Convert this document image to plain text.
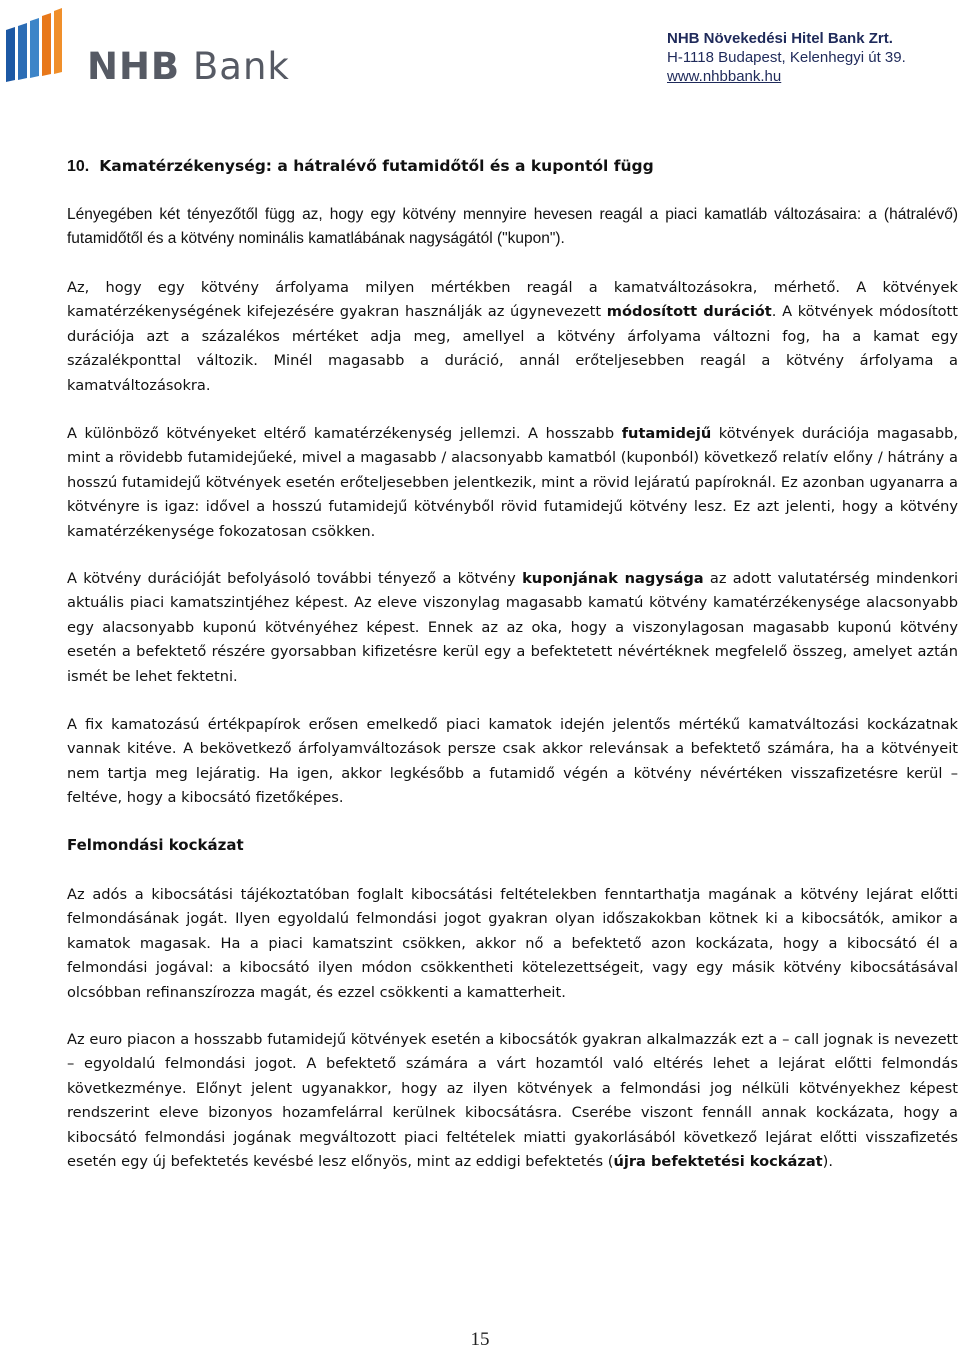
NHB Bank
NHB Növekedési Hitel Bank Zrt.
H-1118 Budapest, Kelenhegyi út 39.
www.nhbbank.hu
10. Kamatérzékenység: a hátralévő futamidőtől és a kupontól függ

Lényegében két tényezőtől függ az, hogy egy kötvény mennyire hevesen reagál a piaci kamatláb változásaira: a (hátralévő) futamidőtől és a kötvény nominális kamatlábának nagyságától ("kupon").

Az, hogy egy kötvény árfolyama milyen mértékben reagál a kamatváltozásokra, mérhető. A kötvények kamatérzékenységének kifejezésére gyakran használják az úgynevezett módosított durációt. A kötvények módosított durációja azt a százalékos mértéket adja meg, amellyel a kötvény árfolyama változni fog, ha a kamat egy százalékponttal változik. Minél magasabb a duráció, annál erőteljesebben reagál a kötvény árfolyama a kamatváltozásokra.

A különböző kötvényeket eltérő kamatérzékenység jellemzi. A hosszabb futamidejű kötvények durációja magasabb, mint a rövidebb futamidejűeké, mivel a magasabb / alacsonyabb kamatból (kuponból) következő relatív előny / hátrány a hosszú futamidejű kötvények esetén erőteljesebben jelentkezik, mint a rövid lejáratú papíroknál. Ez azonban ugyanarra a kötvényre is igaz: idővel a hosszú futamidejű kötvényből rövid futamidejű kötvény lesz. Ez azt jelenti, hogy a kötvény kamatérzékenysége fokozatosan csökken.

A kötvény durációját befolyásoló további tényező a kötvény kuponjának nagysága az adott valutatérség mindenkori aktuális piaci kamatszintjéhez képest. Az eleve viszonylag magasabb kamatú kötvény kamatérzékenysége alacsonyabb egy alacsonyabb kuponú kötvényéhez képest. Ennek az az oka, hogy a viszonylagosan magasabb kuponú kötvény esetén a befektető részére gyorsabban kifizetésre kerül egy a befektetett névértéknek megfelelő összeg, amelyet aztán ismét be lehet fektetni.

A fix kamatozású értékpapírok erősen emelkedő piaci kamatok idején jelentős mértékű kamatváltozási kockázatnak vannak kitéve. A bekövetkező árfolyamváltozások persze csak akkor relevánsak a befektető számára, ha a kötvényeit nem tartja meg lejáratig. Ha igen, akkor legkésőbb a futamidő végén a kötvény névértéken visszafizetésre kerül – feltéve, hogy a kibocsátó fizetőképes.

Felmondási kockázat

Az adós a kibocsátási tájékoztatóban foglalt kibocsátási feltételekben fenntarthatja magának a kötvény lejárat előtti felmondásának jogát. Ilyen egyoldalú felmondási jogot gyakran olyan időszakokban kötnek ki a kibocsátók, amikor a kamatok magasak. Ha a piaci kamatszint csökken, akkor nő a befektető azon kockázata, hogy a kibocsátó él a felmondási jogával: a kibocsátó ilyen módon csökkentheti kötelezettségeit, vagy egy másik kötvény kibocsátásával olcsóbban refinanszírozza magát, és ezzel csökkenti a kamatterheit.

Az euro piacon a hosszabb futamidejű kötvények esetén a kibocsátók gyakran alkalmazzák ezt a – call jognak is nevezett – egyoldalú felmondási jogot. A befektető számára a várt hozamtól való eltérés lehet a lejárat előtti felmondás következménye. Előnyt jelent ugyanakkor, hogy az ilyen kötvények a felmondási jog nélküli kötvényekhez képest rendszerint eleve bizonyos hozamfelárral kerülnek kibocsátásra. Cserébe viszont fennáll annak kockázata, hogy a kibocsátó felmondási jogának megváltozott piaci feltételek miatti gyakorlásából következő lejárat előtti visszafizetés esetén egy új befektetés kevésbé lesz előnyös, mint az eddigi befektetés (újra befektetési kockázat).

15
